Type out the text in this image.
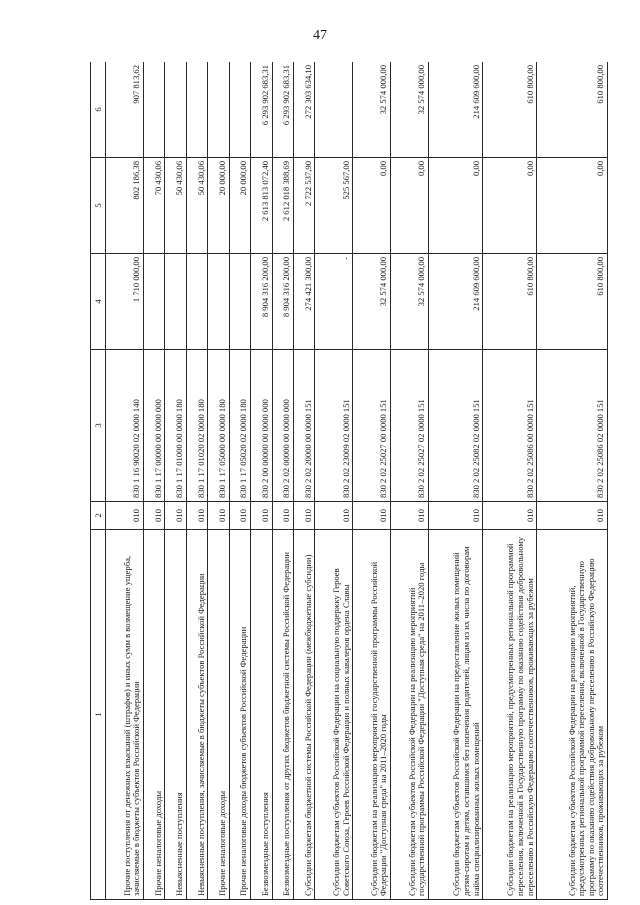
47
1	2	3	4	5	6
Прочие поступления от денежных взысканий (штрафов) и иных сумм в возмещение ущерба, зачисляемые в бюджеты субъектов Российской Федерации	010	830 1 16 90020 02 0000 140	1 710 000,00	802 186,38	907 813,62
Прочие неналоговые доходы	010	830 1 17 00000 00 0000 000		70 430,06	
Невыясненные поступления	010	830 1 17 01000 00 0000 180		50 430,06	
Невыясненные поступления, зачисляемые в бюджеты субъектов Российской Федерации	010	830 1 17 01020 02 0000 180		50 430,06	
Прочие неналоговые доходы	010	830 1 17 05000 00 0000 180		20 000,00	
Прочие неналоговые доходы бюджетов субъектов Российской Федерации	010	830 1 17 05020 02 0000 180		20 000,00	
Безвозмездные поступления	010	830 2 00 00000 00 0000 000	8 904 316 200,00	2 613 813 072,40	6 293 902 683,31
Безвозмездные поступления от других бюджетов бюджетной системы Российской Федерации	010	830 2 02 00000 00 0000 000	8 904 316 200,00	2 612 018 388,69	6 293 902 683,31
Субсидии бюджетам бюджетной системы Российской Федерации (межбюджетные субсидии)	010	830 2 02 20000 00 0000 151	274 421 300,00	2 722 537,90	272 303 634,10
Субсидии бюджетам субъектов Российской Федерации на социальную поддержку Героев Советского Союза, Героев Российской Федерации и полных кавалеров ордена Славы	010	830 2 02 23009 02 0000 151	-	525 567,00	
Субсидии бюджетам на реализацию мероприятий государственной программы Российской Федерации "Доступная среда" на 2011–2020 годы	010	830 2 02 25027 00 0000 151	32 574 000,00	0,00	32 574 000,00
Субсидии бюджетам субъектов Российской Федерации на реализацию мероприятий государственной программы Российской Федерации "Доступная среда" на 2011–2020 годы	010	830 2 02 25027 02 0000 151	32 574 000,00	0,00	32 574 000,00
Субсидии бюджетам субъектов Российской Федерации на предоставление жилых помещений детям-сиротам и детям, оставшимся без попечения родителей, лицам из их числа по договорам найма специализированных жилых помещений	010	830 2 02 25082 02 0000 151	214 609 600,00	0,00	214 609 600,00
Субсидии бюджетам на реализацию мероприятий, предусмотренных региональной программой переселения, включенной в Государственную программу по оказанию содействия добровольному переселению в Российскую Федерацию соотечественников, проживающих за рубежом	010	830 2 02 25086 00 0000 151	610 800,00	0,00	610 800,00
Субсидии бюджетам субъектов Российской Федерации на реализацию мероприятий, предусмотренных региональной программой переселения, включенной в Государственную программу по оказанию содействия добровольному переселению в Российскую Федерацию соотечественников, проживающих за рубежом	010	830 2 02 25086 02 0000 151	610 800,00	0,00	610 800,00
